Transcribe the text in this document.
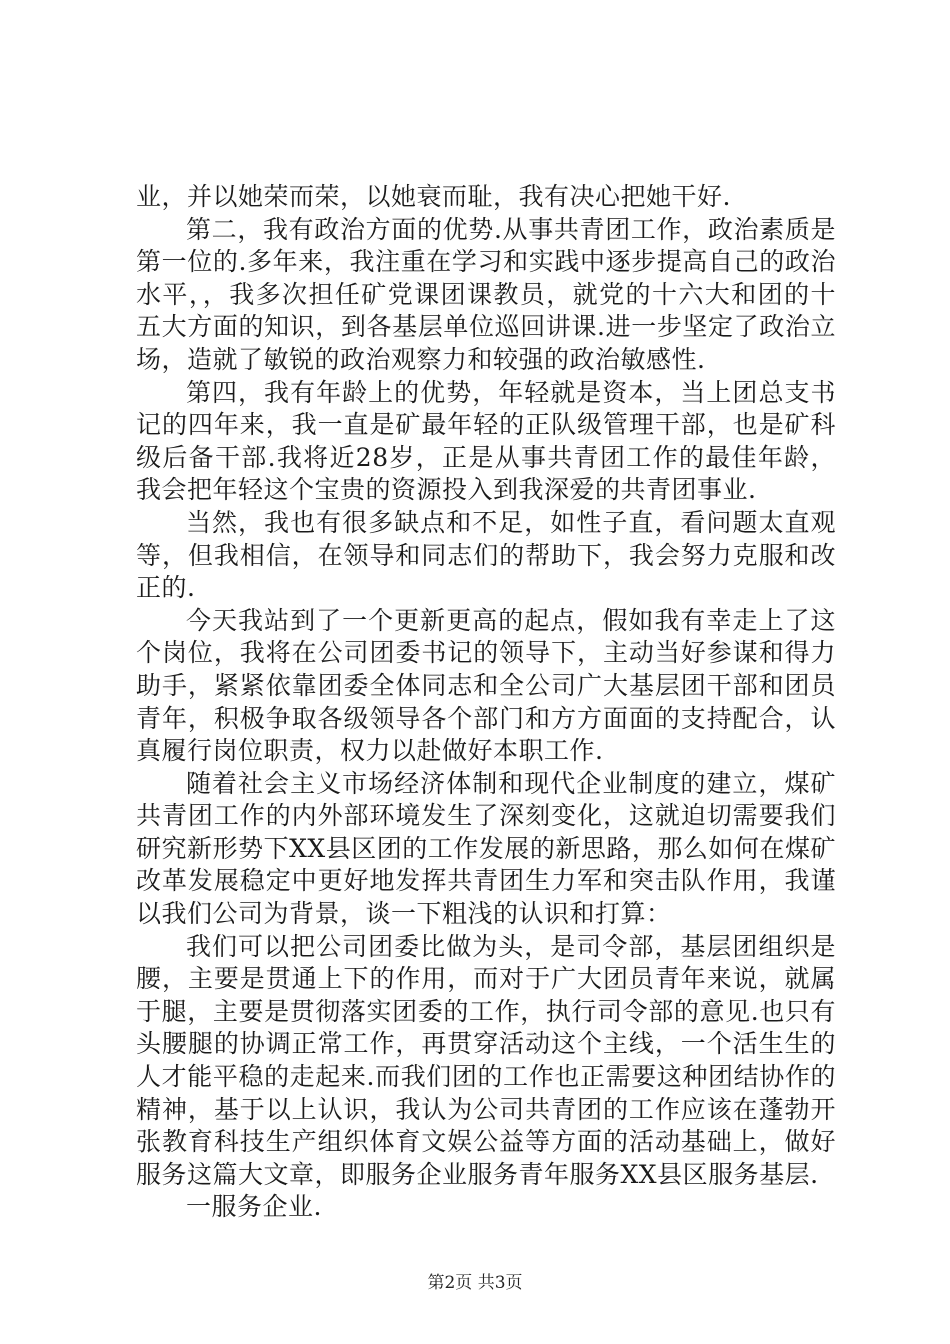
业，并以她荣而荣，以她衰而耻，我有决心把她干好.

第二，我有政治方面的优势.从事共青团工作，政治素质是第一位的.多年来，我注重在学习和实践中逐步提高自己的政治水平，，我多次担任矿党课团课教员，就党的十六大和团的十五大方面的知识，到各基层单位巡回讲课.进一步坚定了政治立场，造就了敏锐的政治观察力和较强的政治敏感性.

第四，我有年龄上的优势，年轻就是资本，当上团总支书记的四年来，我一直是矿最年轻的正队级管理干部，也是矿科级后备干部.我将近28岁，正是从事共青团工作的最佳年龄，我会把年轻这个宝贵的资源投入到我深爱的共青团事业.

当然，我也有很多缺点和不足，如性子直，看问题太直观等，但我相信，在领导和同志们的帮助下，我会努力克服和改正的.

今天我站到了一个更新更高的起点，假如我有幸走上了这个岗位，我将在公司团委书记的领导下，主动当好参谋和得力助手，紧紧依靠团委全体同志和全公司广大基层团干部和团员青年，积极争取各级领导各个部门和方方面面的支持配合，认真履行岗位职责，权力以赴做好本职工作.

随着社会主义市场经济体制和现代企业制度的建立，煤矿共青团工作的内外部环境发生了深刻变化，这就迫切需要我们研究新形势下XX县区团的工作发展的新思路，那么如何在煤矿改革发展稳定中更好地发挥共青团生力军和突击队作用，我谨以我们公司为背景，谈一下粗浅的认识和打算：

我们可以把公司团委比做为头，是司令部，基层团组织是腰，主要是贯通上下的作用，而对于广大团员青年来说，就属于腿，主要是贯彻落实团委的工作，执行司令部的意见.也只有头腰腿的协调正常工作，再贯穿活动这个主线，一个活生生的人才能平稳的走起来.而我们团的工作也正需要这种团结协作的精神，基于以上认识，我认为公司共青团的工作应该在蓬勃开张教育科技生产组织体育文娱公益等方面的活动基础上，做好服务这篇大文章，即服务企业服务青年服务XX县区服务基层.

一服务企业.

第2页 共3页
